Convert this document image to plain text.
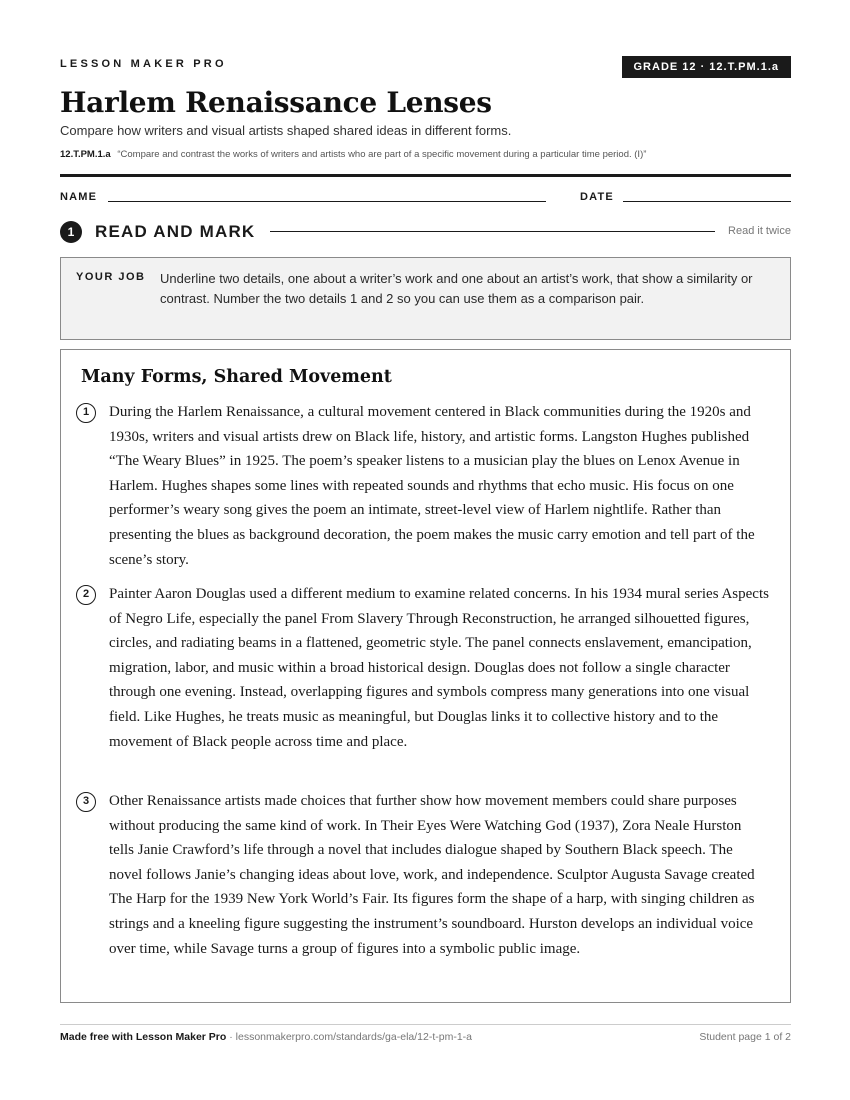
LESSON MAKER PRO	GRADE 12 · 12.T.PM.1.a
Harlem Renaissance Lenses
Compare how writers and visual artists shaped shared ideas in different forms.
12.T.PM.1.a “Compare and contrast the works of writers and artists who are part of a specific movement during a particular time period. (I)”
NAME	DATE
1	READ AND MARK	Read it twice
YOUR JOB Underline two details, one about a writer’s work and one about an artist’s work, that show a similarity or contrast. Number the two details 1 and 2 so you can use them as a comparison pair.
Many Forms, Shared Movement
1	During the Harlem Renaissance, a cultural movement centered in Black communities during the 1920s and 1930s, writers and visual artists drew on Black life, history, and artistic forms. Langston Hughes published “The Weary Blues” in 1925. The poem’s speaker listens to a musician play the blues on Lenox Avenue in Harlem. Hughes shapes some lines with repeated sounds and rhythms that echo music. His focus on one performer’s weary song gives the poem an intimate, street-level view of Harlem nightlife. Rather than presenting the blues as background decoration, the poem makes the music carry emotion and tell part of the scene’s story.

2	Painter Aaron Douglas used a different medium to examine related concerns. In his 1934 mural series Aspects of Negro Life, especially the panel From Slavery Through Reconstruction, he arranged silhouetted figures, circles, and radiating beams in a flattened, geometric style. The panel connects enslavement, emancipation, migration, labor, and music within a broad historical design. Douglas does not follow a single character through one evening. Instead, overlapping figures and symbols compress many generations into one visual field. Like Hughes, he treats music as meaningful, but Douglas links it to collective history and to the movement of Black people across time and place.

3	Other Renaissance artists made choices that further show how movement members could share purposes without producing the same kind of work. In Their Eyes Were Watching God (1937), Zora Neale Hurston tells Janie Crawford’s life through a novel that includes dialogue shaped by Southern Black speech. The novel follows Janie’s changing ideas about love, work, and independence. Sculptor Augusta Savage created The Harp for the 1939 New York World’s Fair. Its figures form the shape of a harp, with singing children as strings and a kneeling figure suggesting the instrument’s soundboard. Hurston develops an individual voice over time, while Savage turns a group of figures into a symbolic public image.

Made free with Lesson Maker Pro · lessonmakerpro.com/standards/ga-ela/12-t-pm-1-a	Student page 1 of 2
